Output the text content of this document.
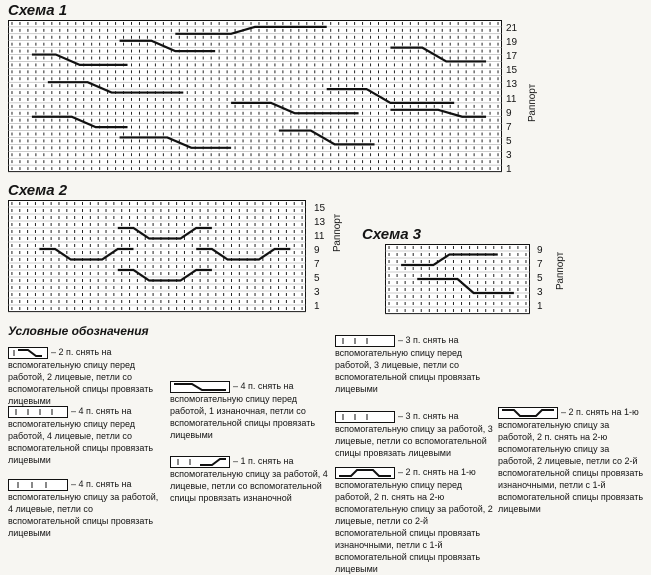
Схема 1
21
19
17
15
13
11
9
7
5
3
1
Раппорт
Схема 2
15
13
11
9
7
5
3
1
Раппорт Схема 3
9
7
5
3
1
Раппорт
Условные обозначения
– 2 п. снять на вспомогательную спицу перед работой, 2 лицевые, петли со вспомогательной спицы провязать лицевыми
– 4 п. снять на вспомогательную спицу перед работой, 4 лицевые, петли со вспомогательной спицы провязать лицевыми
– 4 п. снять на вспомогательную спицу за работой, 4 лицевые, петли со вспомогательной спицы провязать лицевыми
– 4 п. снять на вспомогательную спицу перед работой, 1 изнаночная, петли со вспомогательной спицы провязать лицевыми
– 1 п. снять на вспомогательную спицу за работой, 4 лицевые, петли со вспомогательной спицы провязать изнаночной
– 3 п. снять на вспомогательную спицу перед работой, 3 лицевые, петли со вспомогательной спицы провязать лицевыми
– 3 п. снять на вспомогательную спицу за работой, 3 лицевые, петли со вспомогательной спицы провязать лицевыми
– 2 п. снять на 1-ю вспомогательную спицу перед работой, 2 п. снять на 2-ю вспомогательную спицу за работой, 2 лицевые, петли со 2-й вспомогательной спицы провязать изнаночными, петли с 1-й вспомогательной спицы провязать лицевыми
– 2 п. снять на 1-ю вспомогательную спицу за работой, 2 п. снять на 2-ю вспомогательную спицу за работой, 2 лицевые, петли со 2-й вспомогательной спицы провязать изнаночными, петли с 1-й вспомогательной спицы провязать лицевыми
